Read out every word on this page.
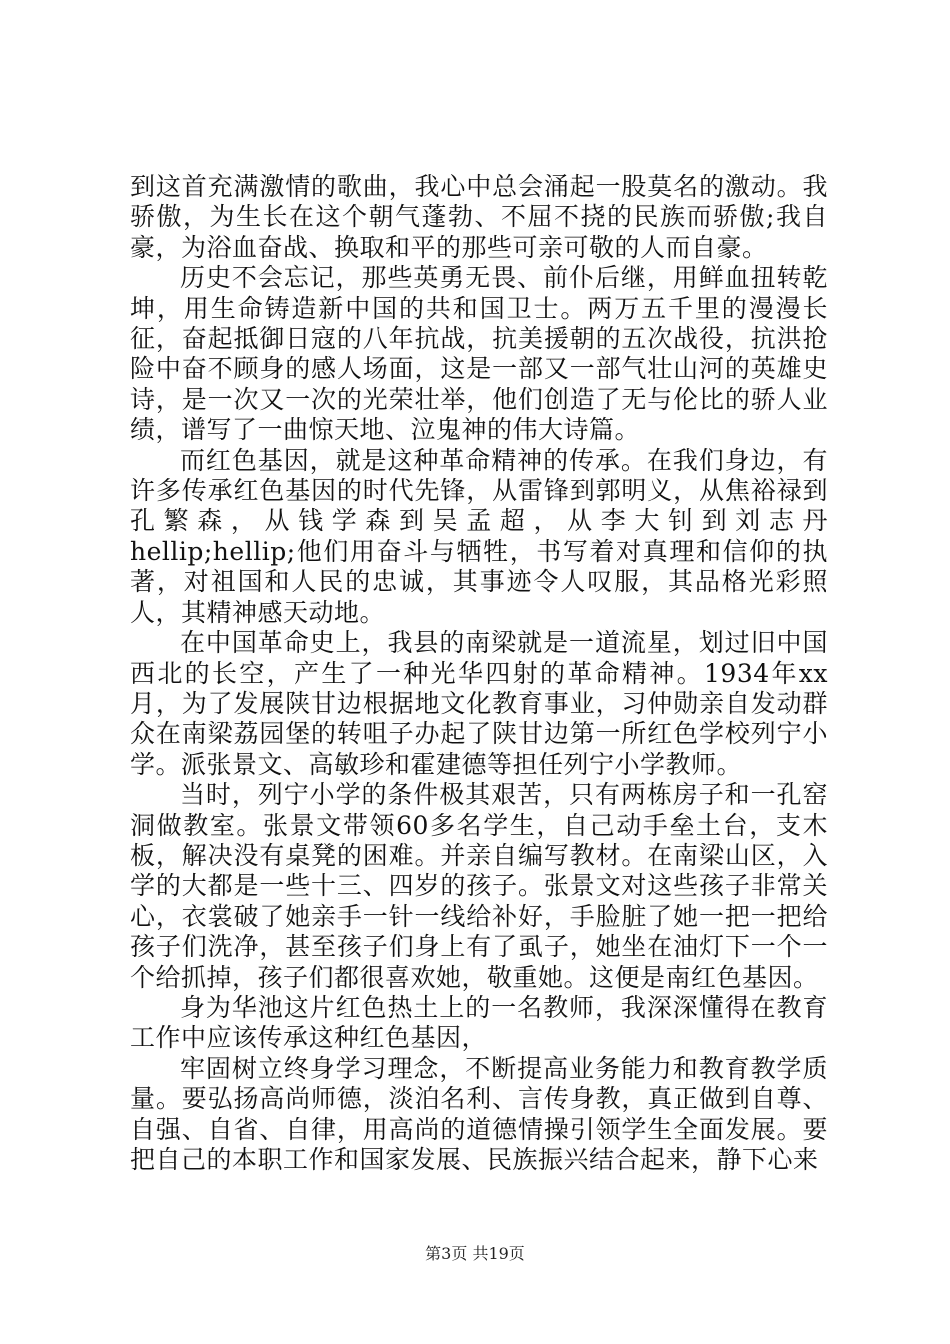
到这首充满激情的歌曲，我心中总会涌起一股莫名的激动。我骄傲，为生长在这个朝气蓬勃、不屈不挠的民族而骄傲;我自豪，为浴血奋战、换取和平的那些可亲可敬的人而自豪。

历史不会忘记，那些英勇无畏、前仆后继，用鲜血扭转乾坤，用生命铸造新中国的共和国卫士。两万五千里的漫漫长征，奋起抵御日寇的八年抗战，抗美援朝的五次战役，抗洪抢险中奋不顾身的感人场面，这是一部又一部气壮山河的英雄史诗，是一次又一次的光荣壮举，他们创造了无与伦比的骄人业绩，谱写了一曲惊天地、泣鬼神的伟大诗篇。

而红色基因，就是这种革命精神的传承。在我们身边，有许多传承红色基因的时代先锋，从雷锋到郭明义，从焦裕禄到孔繁森，从钱学森到吴孟超，从李大钊到刘志丹hellip;hellip;他们用奋斗与牺牲，书写着对真理和信仰的执著，对祖国和人民的忠诚，其事迹令人叹服，其品格光彩照人，其精神感天动地。

在中国革命史上，我县的南梁就是一道流星，划过旧中国西北的长空，产生了一种光华四射的革命精神。1934年xx月，为了发展陕甘边根据地文化教育事业，习仲勋亲自发动群众在南梁荔园堡的转咀子办起了陕甘边第一所红色学校列宁小学。派张景文、高敏珍和霍建德等担任列宁小学教师。

当时，列宁小学的条件极其艰苦，只有两栋房子和一孔窑洞做教室。张景文带领60多名学生，自己动手垒土台，支木板，解决没有桌凳的困难。并亲自编写教材。在南梁山区，入学的大都是一些十三、四岁的孩子。张景文对这些孩子非常关心，衣裳破了她亲手一针一线给补好，手脸脏了她一把一把给孩子们洗净，甚至孩子们身上有了虱子，她坐在油灯下一个一个给抓掉，孩子们都很喜欢她，敬重她。这便是南红色基因。

身为华池这片红色热土上的一名教师，我深深懂得在教育工作中应该传承这种红色基因，

牢固树立终身学习理念，不断提高业务能力和教育教学质量。要弘扬高尚师德，淡泊名利、言传身教，真正做到自尊、自强、自省、自律，用高尚的道德情操引领学生全面发展。要把自己的本职工作和国家发展、民族振兴结合起来，静下心来

第3页 共19页
